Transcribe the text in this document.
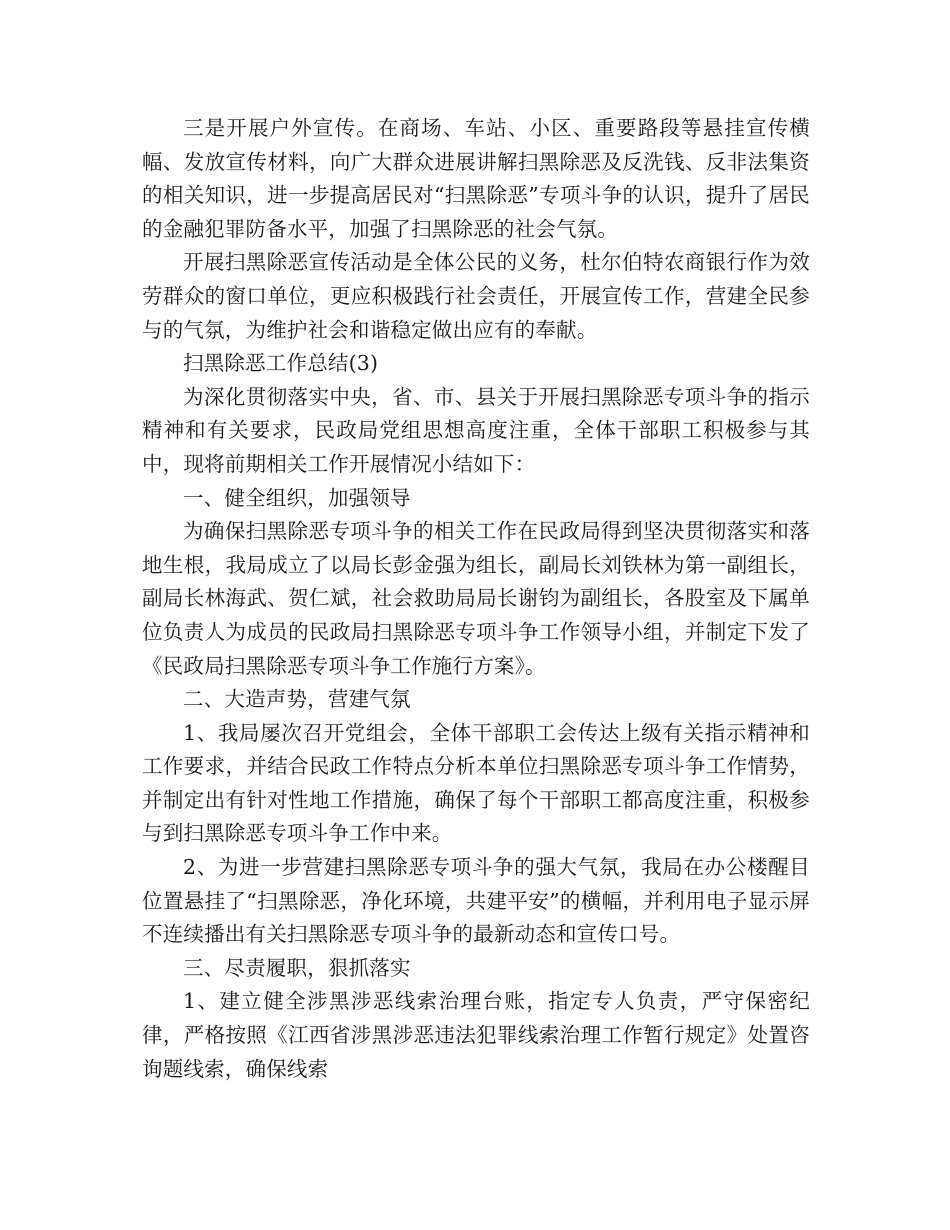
三是开展户外宣传。在商场、车站、小区、重要路段等悬挂宣传横幅、发放宣传材料，向广大群众进展讲解扫黑除恶及反洗钱、反非法集资的相关知识，进一步提高居民对“扫黑除恶”专项斗争的认识，提升了居民的金融犯罪防备水平，加强了扫黑除恶的社会气氛。

开展扫黑除恶宣传活动是全体公民的义务，杜尔伯特农商银行作为效劳群众的窗口单位，更应积极践行社会责任，开展宣传工作，营建全民参与的气氛，为维护社会和谐稳定做出应有的奉献。

扫黑除恶工作总结(3)

为深化贯彻落实中央，省、市、县关于开展扫黑除恶专项斗争的指示精神和有关要求，民政局党组思想高度注重，全体干部职工积极参与其中，现将前期相关工作开展情况小结如下：

一、健全组织，加强领导

为确保扫黑除恶专项斗争的相关工作在民政局得到坚决贯彻落实和落地生根，我局成立了以局长彭金强为组长，副局长刘铁林为第一副组长，副局长林海武、贺仁斌，社会救助局局长谢钧为副组长，各股室及下属单位负责人为成员的民政局扫黑除恶专项斗争工作领导小组，并制定下发了《民政局扫黑除恶专项斗争工作施行方案》。

二、大造声势，营建气氛

1、我局屡次召开党组会，全体干部职工会传达上级有关指示精神和工作要求，并结合民政工作特点分析本单位扫黑除恶专项斗争工作情势，并制定出有针对性地工作措施，确保了每个干部职工都高度注重，积极参与到扫黑除恶专项斗争工作中来。

2、为进一步营建扫黑除恶专项斗争的强大气氛，我局在办公楼醒目位置悬挂了“扫黑除恶，净化环境，共建平安”的横幅，并利用电子显示屏不连续播出有关扫黑除恶专项斗争的最新动态和宣传口号。

三、尽责履职，狠抓落实

1、建立健全涉黑涉恶线索治理台账，指定专人负责，严守保密纪律，严格按照《江西省涉黑涉恶违法犯罪线索治理工作暂行规定》处置咨询题线索，确保线索
